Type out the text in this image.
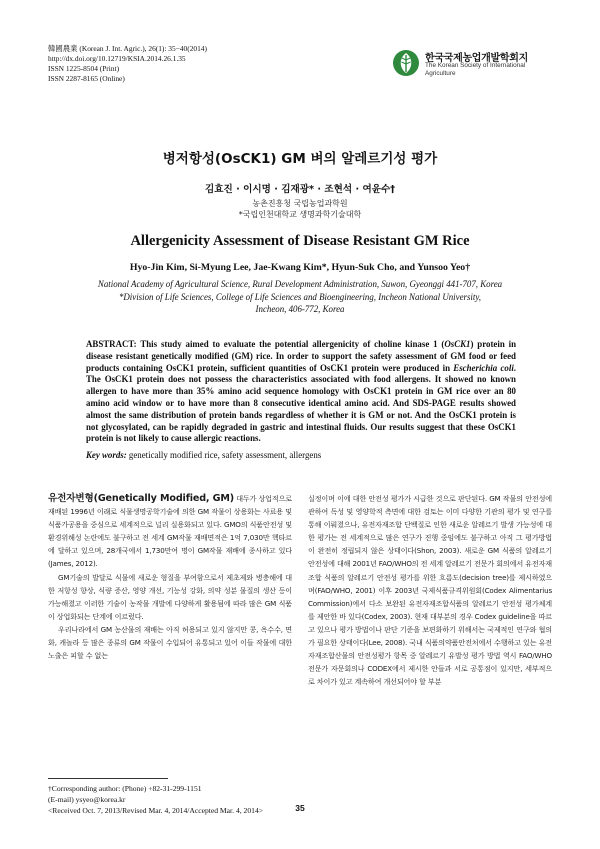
韓國農業 (Korean J. Int. Agric.), 26(1): 35−40(2014)
http://dx.doi.org/10.12719/KSIA.2014.26.1.35
ISSN 1225-8504 (Print)
ISSN 2287-8165 (Online)
한국국제농업개발학회지
The Korean Society of International Agriculture
병저항성(OsCK1) GM 벼의 알레르기성 평가
김효진 · 이시명 · 김재광* · 조현석 · 여윤수†
농촌진흥청 국립농업과학원
*국립인천대학교 생명과학기술대학
Allergenicity Assessment of Disease Resistant GM Rice
Hyo-Jin Kim, Si-Myung Lee, Jae-Kwang Kim*, Hyun-Suk Cho, and Yunsoo Yeo†
National Academy of Agricultural Science, Rural Development Administration, Suwon, Gyeonggi 441-707, Korea
*Division of Life Sciences, College of Life Sciences and Bioengineering, Incheon National University,
Incheon, 406-772, Korea
ABSTRACT: This study aimed to evaluate the potential allergenicity of choline kinase 1 (OsCK1) protein in disease resistant genetically modified (GM) rice. In order to support the safety assessment of GM food or feed products containing OsCK1 protein, sufficient quantities of OsCK1 protein were produced in Escherichia coli. The OsCK1 protein does not possess the characteristics associated with food allergens. It showed no known allergen to have more than 35% amino acid sequence homology with OsCK1 protein in GM rice over an 80 amino acid window or to have more than 8 consecutive identical amino acid. And SDS-PAGE results showed almost the same distribution of protein bands regardless of whether it is GM or not. And the OsCK1 protein is not glycosylated, can be rapidly degraded in gastric and intestinal fluids. Our results suggest that these OsCK1 protein is not likely to cause allergic reactions.
Key words: genetically modified rice, safety assessment, allergens

유전자변형(Genetically Modified, GM) 대두가 상업적으로 재배된 1996년 이래로 식물생명공학기술에 의한 GM 작물이 상용화는 사료용 및 식품가공용을 중심으로 세계적으로 널리 실용화되고 있다. GMO의 식품안전성 및 환경위해성 논란에도 불구하고 전 세계 GM작물 재배면적은 1억 7,030만 헥타르에 달하고 있으며, 28개국에서 1,730만여 명이 GM작물 재배에 종사하고 있다(James, 2012).

GM기술의 발달로 식물에 새로운 형질을 부여함으로서 제초제와 병충해에 대한 저항성 향상, 식량 증산, 영양 개선, 기능성 강화, 의약 성분 물질의 생산 등이 가능해졌고 이러한 기술이 농작물 개발에 다양하게 활용됨에 따라 많은 GM 식품이 상업화되는 단계에 이르렀다.

우리나라에서 GM 농산물의 재배는 아직 허용되고 있지 않지만 콩, 옥수수, 면화, 캐놀라 등 많은 종류의 GM 작물이 수입되어 유통되고 있어 이들 작물에 대한 노출은 피할 수 없는

실정이며 이에 대한 안전성 평가가 시급한 것으로 판단된다. GM 작물의 안전성에 관하여 독성 및 영양학적 측면에 대한 검토는 이미 다양한 기관의 평가 및 연구를 통해 이뤄졌으나, 유전자재조합 단백질로 인한 새로운 알레르기 발생 가능성에 대한 평가는 전 세계적으로 많은 연구가 진행 중임에도 불구하고 아직 그 평가방법이 완전히 정립되지 않은 상태이다(Shon, 2003). 새로운 GM 식품의 알레르기 안전성에 대해 2001년 FAO/WHO의 전 세계 알레르기 전문가 회의에서 유전자재조합 식품의 알레르기 안전성 평가를 위한 흐름도(decision tree)를 제시하였으며(FAO/WHO, 2001) 이후 2003년 국제식품규격위원회(Codex Alimentarius Commission)에서 다소 보완된 유전자재조합식품의 알레르기 안전성 평가체계를 제안한 바 있다(Codex, 2003). 현재 대부분의 경우 Codex guideline을 따르고 있으나 평가 방법이나 판단 기준을 보편화하기 위해서는 국제적인 연구와 협의가 필요한 상태이다(Lee, 2008). 국내 식품의약품안전처에서 수행하고 있는 유전자재조합산물의 안전성평가 항목 중 알레르기 유발성 평가 방법 역시 FAO/WHO 전문가 자문회의나 CODEX에서 제시한 안들과 서로 공통점이 있지만, 세부적으로 차이가 있고 계속하여 개선되어야 할 부분

†Corresponding author: (Phone) +82-31-299-1151
(E-mail) ysyeo@korea.kr
<Received Oct. 7, 2013/Revised Mar. 4, 2014/Accepted Mar. 4, 2014>	35
